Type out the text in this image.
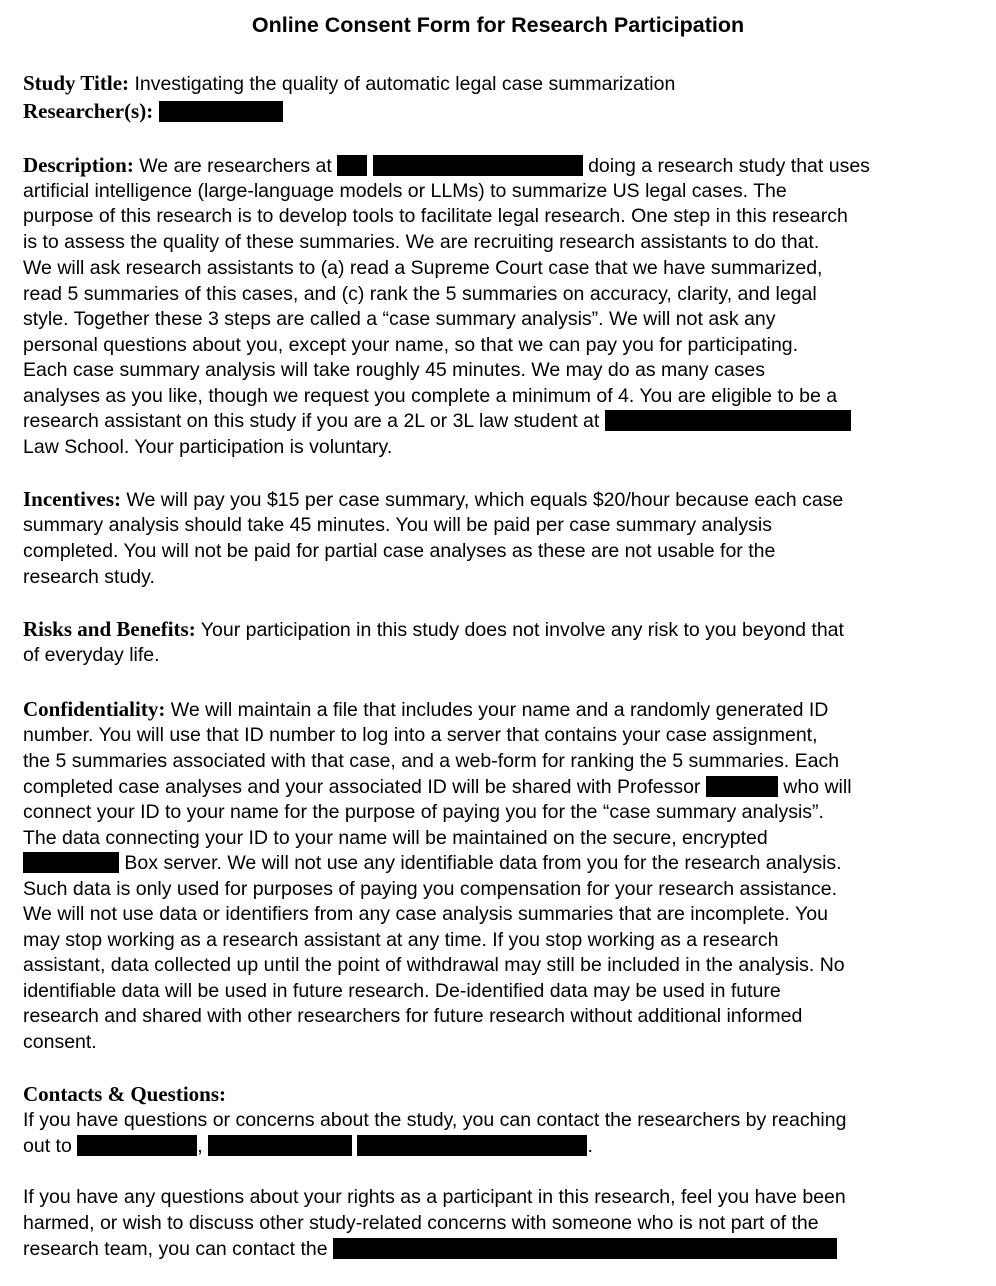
Online Consent Form for Research Participation
Study Title: Investigating the quality of automatic legal case summarization
Researcher(s):
Description: We are researchers at	doing a research study that uses
artificial intelligence (large-language models or LLMs) to summarize US legal cases. The
purpose of this research is to develop tools to facilitate legal research. One step in this research
is to assess the quality of these summaries. We are recruiting research assistants to do that.
We will ask research assistants to (a) read a Supreme Court case that we have summarized,
read 5 summaries of this cases, and (c) rank the 5 summaries on accuracy, clarity, and legal
style. Together these 3 steps are called a “case summary analysis”. We will not ask any
personal questions about you, except your name, so that we can pay you for participating.
Each case summary analysis will take roughly 45 minutes. We may do as many cases
analyses as you like, though we request you complete a minimum of 4. You are eligible to be a
research assistant on this study if you are a 2L or 3L law student at
Law School. Your participation is voluntary.
Incentives: We will pay you $15 per case summary, which equals $20/hour because each case
summary analysis should take 45 minutes. You will be paid per case summary analysis
completed. You will not be paid for partial case analyses as these are not usable for the
research study.
Risks and Benefits: Your participation in this study does not involve any risk to you beyond that
of everyday life.
Confidentiality: We will maintain a file that includes your name and a randomly generated ID
number. You will use that ID number to log into a server that contains your case assignment,
the 5 summaries associated with that case, and a web-form for ranking the 5 summaries. Each
completed case analyses and your associated ID will be shared with Professor	who will
connect your ID to your name for the purpose of paying you for the “case summary analysis”.
The data connecting your ID to your name will be maintained on the secure, encrypted
Box server. We will not use any identifiable data from you for the research analysis.
Such data is only used for purposes of paying you compensation for your research assistance.
We will not use data or identifiers from any case analysis summaries that are incomplete. You
may stop working as a research assistant at any time. If you stop working as a research
assistant, data collected up until the point of withdrawal may still be included in the analysis. No
identifiable data will be used in future research. De-identified data may be used in future
research and shared with other researchers for future research without additional informed
consent.
Contacts & Questions:
If you have questions or concerns about the study, you can contact the researchers by reaching
out to	,	.
If you have any questions about your rights as a participant in this research, feel you have been
harmed, or wish to discuss other study-related concerns with someone who is not part of the
research team, you can contact the
